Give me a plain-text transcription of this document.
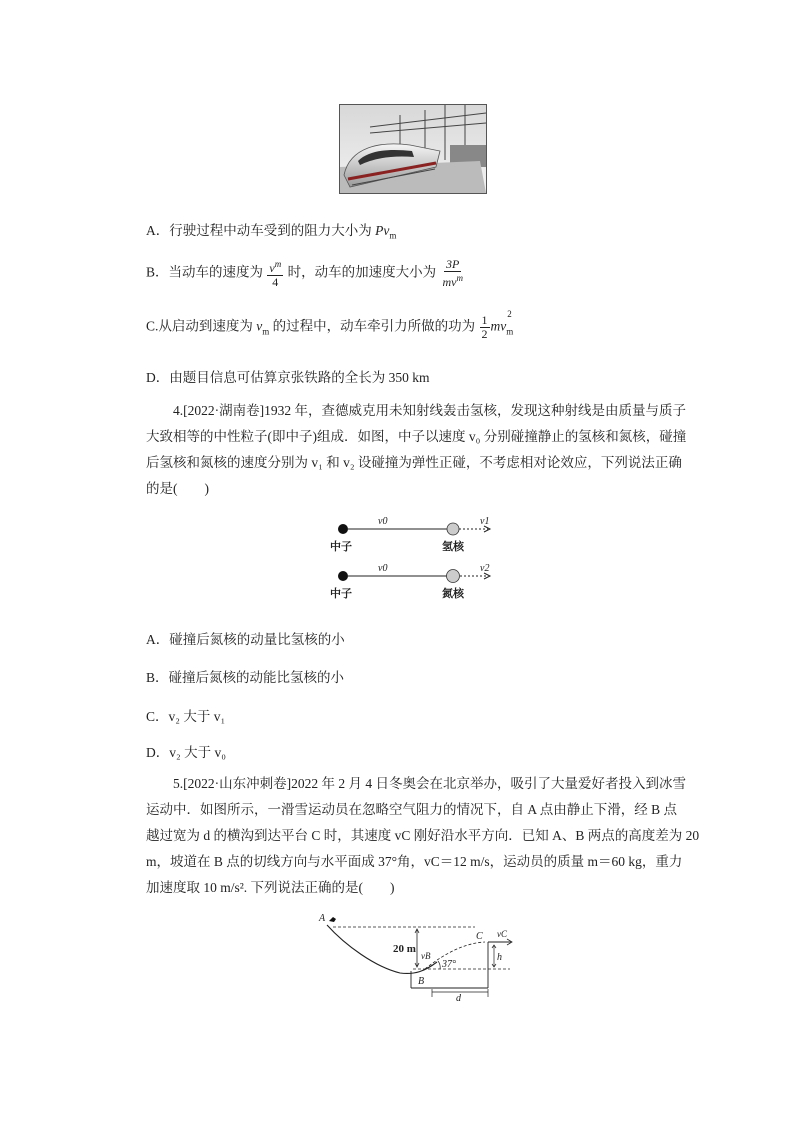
A．行驶过程中动车受到的阻力大小为 $Pv_m$
B．当动车的速度为 $\frac{v^m}{4}$ 时，动车的加速度大小为 $\frac{3P}{mv^m}$
C.从启动到速度为 $v_m$ 的过程中，动车牵引力所做的功为 $\frac{1}{2} mv_m^2$
D．由题目信息可估算京张铁路的全长为 350 km
4.[2022·湖南卷]1932 年，查德威克用未知射线轰击氢核，发现这种射线是由质量与质子
大致相等的中性粒子(即中子)组成．如图，中子以速度 v₀ 分别碰撞静止的氢核和氮核，碰撞
后氢核和氮核的速度分别为 v₁ 和 v₂ 设碰撞为弹性正碰，不考虑相对论效应，下列说法正确
的是(　　)
v0	v1
中子	氢核
v0	v2
中子	氮核
A．碰撞后氮核的动量比氢核的小
B．碰撞后氮核的动能比氢核的小
C．v₂ 大于 v₁
D．v₂ 大于 v₀
5.[2022·山东冲刺卷]2022 年 2 月 4 日冬奥会在北京举办，吸引了大量爱好者投入到冰雪
运动中．如图所示，一滑雪运动员在忽略空气阻力的情况下，自 A 点由静止下滑，经 B 点
越过宽为 d 的横沟到达平台 C 时，其速度 vC 刚好沿水平方向．已知 A、B 两点的高度差为 20
m，坡道在 B 点的切线方向与水平面成 37°角，vC＝12 m/s，运动员的质量 m＝60 kg，重力
加速度取 10 m/s². 下列说法正确的是(　　)
A
B
C
20 m
vB
vC
37°
h
d
